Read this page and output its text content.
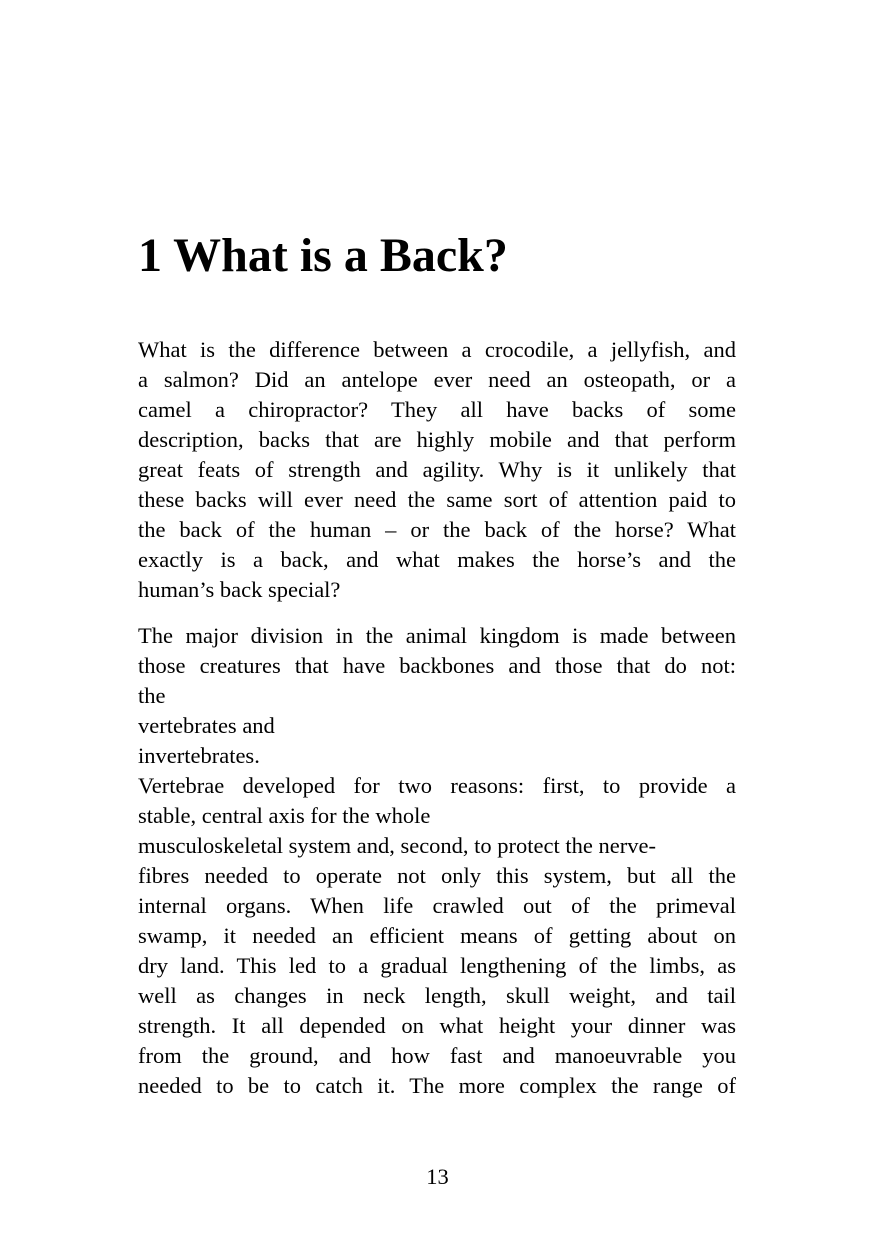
1 What is a Back?
What is the difference between a crocodile, a jellyfish, and
a salmon? Did an antelope ever need an osteopath, or a
camel a chiropractor? They all have backs of some
description, backs that are highly mobile and that perform
great feats of strength and agility. Why is it unlikely that
these backs will ever need the same sort of attention paid to
the back of the human – or the back of the horse? What
exactly is a back, and what makes the horse’s and the
human’s back special?
The major division in the animal kingdom is made between
those creatures that have backbones and those that do not:
the
vertebrates and
invertebrates.
Vertebrae developed for two reasons: first, to provide a
stable, central axis for the whole
musculoskeletal system and, second, to protect the nerve-
fibres needed to operate not only this system, but all the
internal organs. When life crawled out of the primeval
swamp, it needed an efficient means of getting about on
dry land. This led to a gradual lengthening of the limbs, as
well as changes in neck length, skull weight, and tail
strength. It all depended on what height your dinner was
from the ground, and how fast and manoeuvrable you
needed to be to catch it. The more complex the range of
13
